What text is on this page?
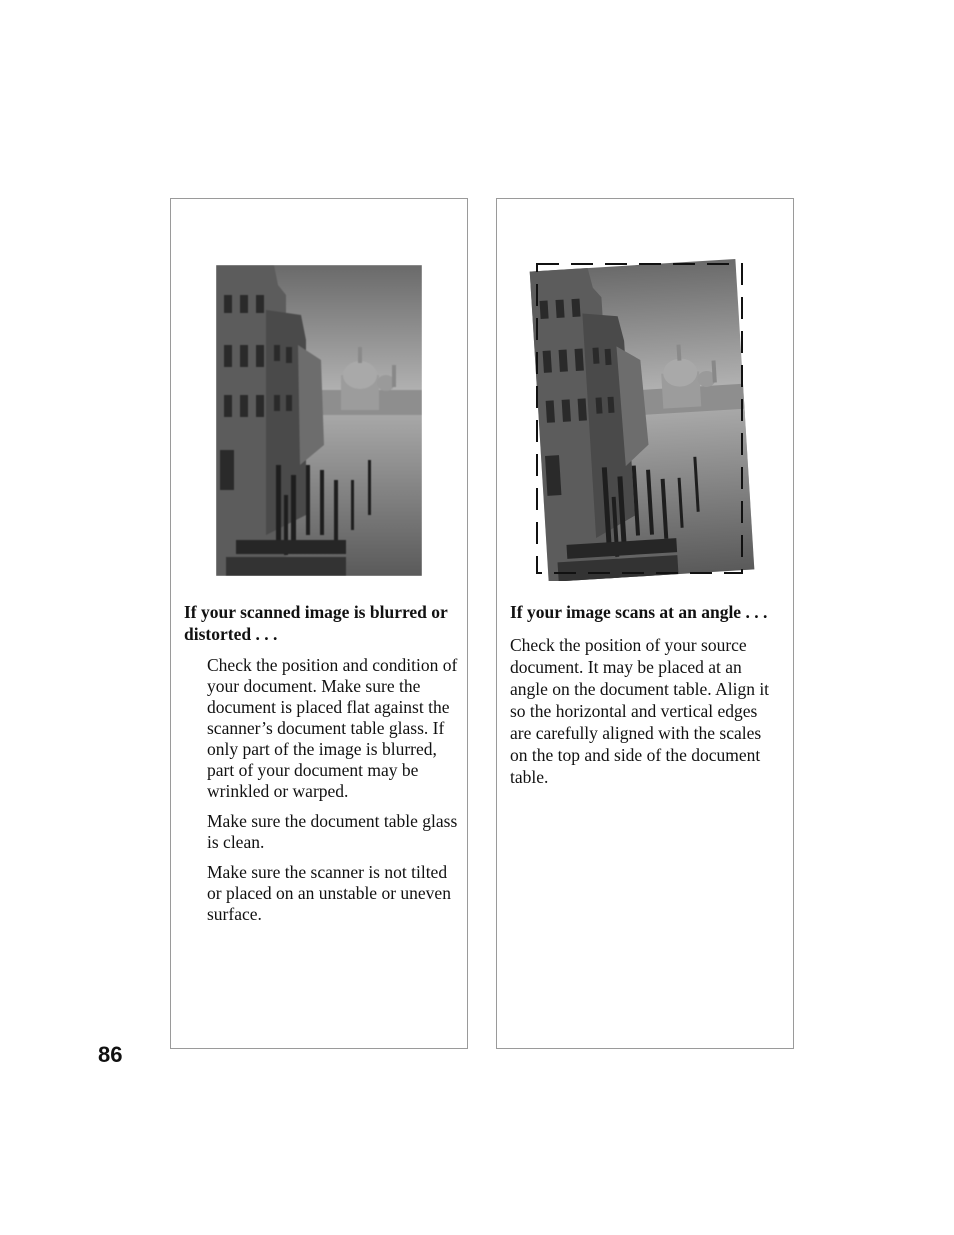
If your scanned image is blurred or distorted . . .

Check the position and condition of your document. Make sure the document is placed flat against the scanner’s document table glass. If only part of the image is blurred, part of your document may be wrinkled or warped.

Make sure the document table glass is clean.

Make sure the scanner is not tilted or placed on an unstable or uneven surface.

If your image scans at an angle . . .

Check the position of your source document. It may be placed at an angle on the document table. Align it so the horizontal and vertical edges are carefully aligned with the scales on the top and side of the document table.

86
